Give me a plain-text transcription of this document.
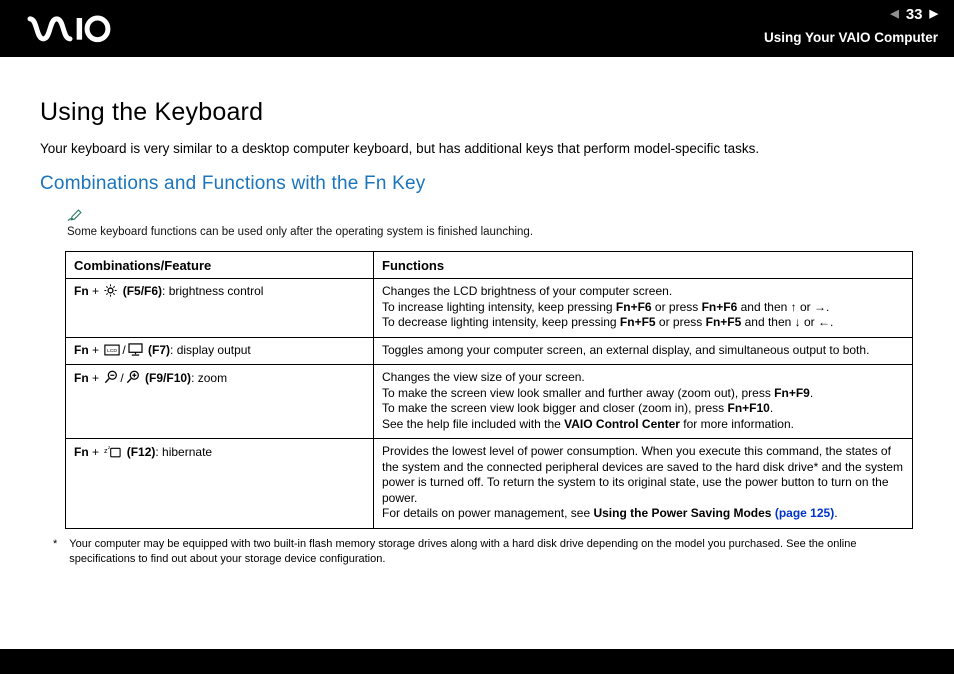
◀ 33 ▶
Using Your VAIO Computer
Using the Keyboard

Your keyboard is very similar to a desktop computer keyboard, but has additional keys that perform model-specific tasks.

Combinations and Functions with the Fn Key

Some keyboard functions can be used only after the operating system is finished launching.

Combinations/Feature	Functions
Fn +  (F5/F6): brightness control	Changes the LCD brightness of your computer screen.
To increase lighting intensity, keep pressing Fn+F6 or press Fn+F6 and then ↑ or →.
To decrease lighting intensity, keep pressing Fn+F5 or press Fn+F5 and then ↓ or ←.

Fn + LCD / (F7): display output	Toggles among your computer screen, an external display, and simultaneous output to both.

Fn + / (F9/F10): zoom	Changes the view size of your screen.
To make the screen view look smaller and further away (zoom out), press Fn+F9.
To make the screen view look bigger and closer (zoom in), press Fn+F10.
See the help file included with the VAIO Control Center for more information.

Fn + z z (F12): hibernate	Provides the lowest level of power consumption. When you execute this command, the states of the system and the connected peripheral devices are saved to the hard disk drive* and the system power is turned off. To return the system to its original state, use the power button to turn on the power.
For details on power management, see Using the Power Saving Modes (page 125).
* Your computer may be equipped with two built-in flash memory storage drives along with a hard disk drive depending on the model you purchased. See the online specifications to find out about your storage device configuration.
